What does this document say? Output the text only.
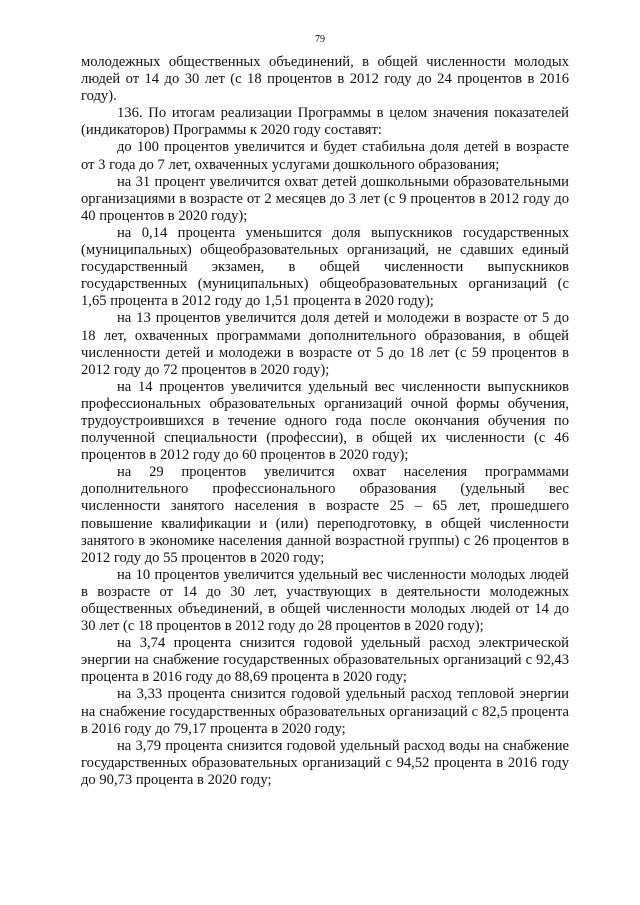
79

молодежных общественных объединений, в общей численности молодых людей от 14 до 30 лет (с 18 процентов в 2012 году до 24 процентов в 2016 году).

136. По итогам реализации Программы в целом значения показателей (индикаторов) Программы к 2020 году составят:

до 100 процентов увеличится и будет стабильна доля детей в возрасте от 3 года до 7 лет, охваченных услугами дошкольного образования;

на 31 процент увеличится охват детей дошкольными образовательными организациями в возрасте от 2 месяцев до 3 лет (с 9 процентов в 2012 году до 40 процентов в 2020 году);

на 0,14 процента уменьшится доля выпускников государственных (муниципальных) общеобразовательных организаций, не сдавших единый государственный экзамен, в общей численности выпускников государственных (муниципальных) общеобразовательных организаций (с 1,65 процента в 2012 году до 1,51 процента в 2020 году);

на 13 процентов увеличится доля детей и молодежи в возрасте от 5 до 18 лет, охваченных программами дополнительного образования, в общей численности детей и молодежи в возрасте от 5 до 18 лет (с 59 процентов в 2012 году до 72 процентов в 2020 году);

на 14 процентов увеличится удельный вес численности выпускников профессиональных образовательных организаций очной формы обучения, трудоустроившихся в течение одного года после окончания обучения по полученной специальности (профессии), в общей их численности (с 46 процентов в 2012 году до 60 процентов в 2020 году);

на 29 процентов увеличится охват населения программами дополнительного профессионального образования (удельный вес численности занятого населения в возрасте 25 – 65 лет, прошедшего повышение квалификации и (или) переподготовку, в общей численности занятого в экономике населения данной возрастной группы) с 26 процентов в 2012 году до 55 процентов в 2020 году;

на 10 процентов увеличится удельный вес численности молодых людей в возрасте от 14 до 30 лет, участвующих в деятельности молодежных общественных объединений, в общей численности молодых людей от 14 до 30 лет (с 18 процентов в 2012 году до 28 процентов в 2020 году);

на 3,74 процента снизится годовой удельный расход электрической энергии на снабжение государственных образовательных организаций с 92,43 процента в 2016 году до 88,69 процента в 2020 году;

на 3,33 процента снизится годовой удельный расход тепловой энергии на снабжение государственных образовательных организаций с 82,5 процента в 2016 году до 79,17 процента в 2020 году;

на 3,79 процента снизится годовой удельный расход воды на снабжение государственных образовательных организаций с 94,52 процента в 2016 году до 90,73 процента в 2020 году;
